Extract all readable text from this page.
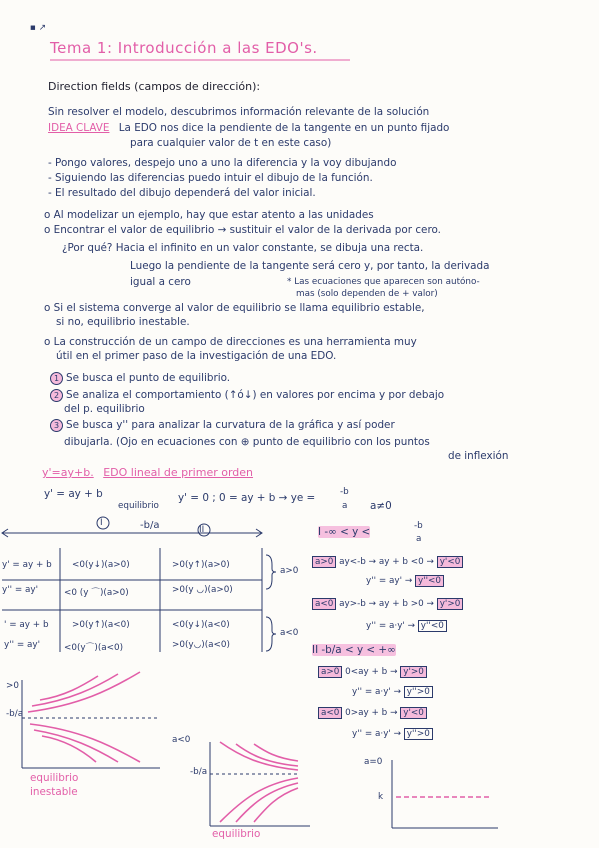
▪ ↗
Tema 1: Introducción a las EDO's.
Direction fields (campos de dirección):
Sin resolver el modelo, descubrimos información relevante de la solución
IDEA CLAVE La EDO nos dice la pendiente de la tangente en un punto fijado
para cualquier valor de t en este caso)
- Pongo valores, despejo uno a uno la diferencia y la voy dibujando
- Siguiendo las diferencias puedo intuir el dibujo de la función.
- El resultado del dibujo dependerá del valor inicial.
o Al modelizar un ejemplo, hay que estar atento a las unidades
o Encontrar el valor de equilibrio → sustituir el valor de la derivada por cero.
¿Por qué? Hacia el infinito en un valor constante, se dibuja una recta.
Luego la pendiente de la tangente será cero y, por tanto, la derivada
igual a cero	* Las ecuaciones que aparecen son autóno-
mas (solo dependen de + valor)
o Si el sistema converge al valor de equilibrio se llama equilibrio estable,
si no, equilibrio inestable.
o La construcción de un campo de direcciones es una herramienta muy
útil en el primer paso de la investigación de una EDO.
1 Se busca el punto de equilibrio.
2 Se analiza el comportamiento (↑ó↓) en valores por encima y por debajo
del p. equilibrio
3 Se busca y'' para analizar la curvatura de la gráfica y así poder
dibujarla. (Ojo en ecuaciones con ⊕ punto de equilibrio con los puntos
de inflexión
y'=ay+b. EDO lineal de primer orden
y' = ay + b
equilibrio
y' = 0 ; 0 = ay + b → ye =	-b
a a≠0
I	-b/a	II
y' = ay + b <0(y↓)(a>0)	>0(y↑)(a>0)
y'' = ay'	<0 (y ⌒)(a>0)	>0(y ◡)(a>0)
' = ay + b	>0(y↑)(a<0)	<0(y↓)(a<0)
y'' = ay'	<0(y⌒)(a<0)	>0(y◡)(a<0)
a>0
a<0
I -∞ < y <	-b
a
a>0 ay<-b → ay + b <0 → y'<0
y'' = ay' → y''<0
a<0 ay>-b → ay + b >0 → y'>0
y'' = a·y' → y''<0
II -b/a < y < +∞
a>0 0<ay + b → y'>0
y'' = a·y' → y''>0
a<0 0>ay + b → y'<0
y'' = a·y' → y''>0
>0
-b/a
equilibrio
inestable
a<0
-b/a
equilibrio
a=0
k
